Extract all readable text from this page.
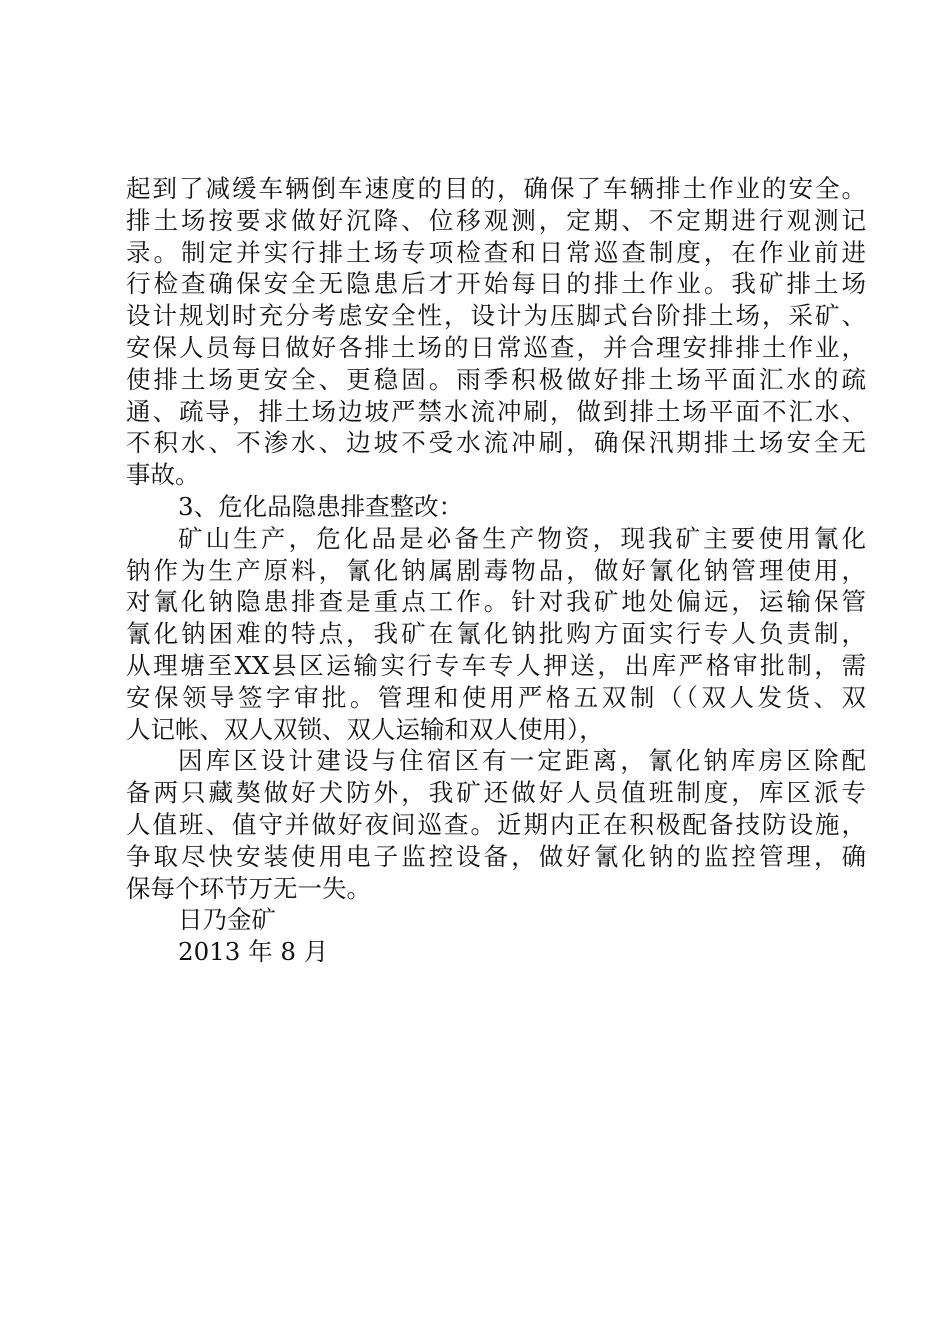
起到了减缓车辆倒车速度的目的，确保了车辆排土作业的安全。
排土场按要求做好沉降、位移观测，定期、不定期进行观测记
录。制定并实行排土场专项检查和日常巡查制度，在作业前进
行检查确保安全无隐患后才开始每日的排土作业。我矿排土场
设计规划时充分考虑安全性，设计为压脚式台阶排土场，采矿、
安保人员每日做好各排土场的日常巡查，并合理安排排土作业，
使排土场更安全、更稳固。雨季积极做好排土场平面汇水的疏
通、疏导，排土场边坡严禁水流冲刷，做到排土场平面不汇水、
不积水、不渗水、边坡不受水流冲刷，确保汛期排土场安全无
事故。
3、危化品隐患排查整改：
矿山生产，危化品是必备生产物资，现我矿主要使用氰化
钠作为生产原料，氰化钠属剧毒物品，做好氰化钠管理使用，
对氰化钠隐患排查是重点工作。针对我矿地处偏远，运输保管
氰化钠困难的特点，我矿在氰化钠批购方面实行专人负责制，
从理塘至XX县区运输实行专车专人押送，出库严格审批制，需
安保领导签字审批。管理和使用严格五双制（（双人发货、双
人记帐、双人双锁、双人运输和双人使用），
因库区设计建设与住宿区有一定距离，氰化钠库房区除配
备两只藏獒做好犬防外，我矿还做好人员值班制度，库区派专
人值班、值守并做好夜间巡查。近期内正在积极配备技防设施，
争取尽快安装使用电子监控设备，做好氰化钠的监控管理，确
保每个环节万无一失。
日乃金矿
2013 年 8 月
